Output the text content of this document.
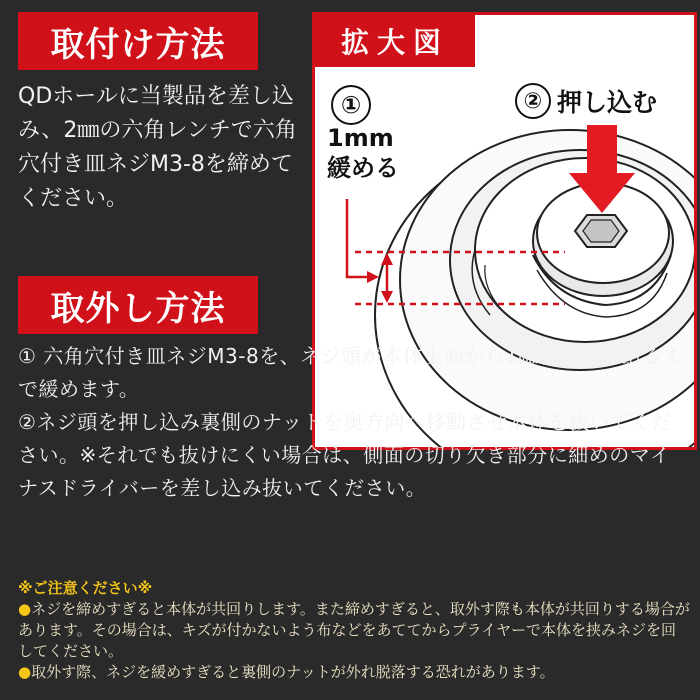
取付け方法

QDホールに当製品を差し込み、2㎜の六角レンチで六角穴付き皿ネジM3-8を締めてください。

拡大図
①
1mm
緩める
② 押し込む
取外し方法

① 六角穴付き皿ネジM3-8を、ネジ頭が本体上面から1㎜程度飛び出るまで緩めます。

②ネジ頭を押し込み裏側のナットを奥方向へ移動させ本体を抜いてください。※それでも抜けにくい場合は、側面の切り欠き部分に細めのマイナスドライバーを差し込み抜いてください。

※ご注意ください※

●ネジを締めすぎると本体が共回りします。また締めすぎると、取外す際も本体が共回りする場合があります。その場合は、キズが付かないよう布などをあててからプライヤーで本体を挟みネジを回してください。

●取外す際、ネジを緩めすぎると裏側のナットが外れ脱落する恐れがあります。
